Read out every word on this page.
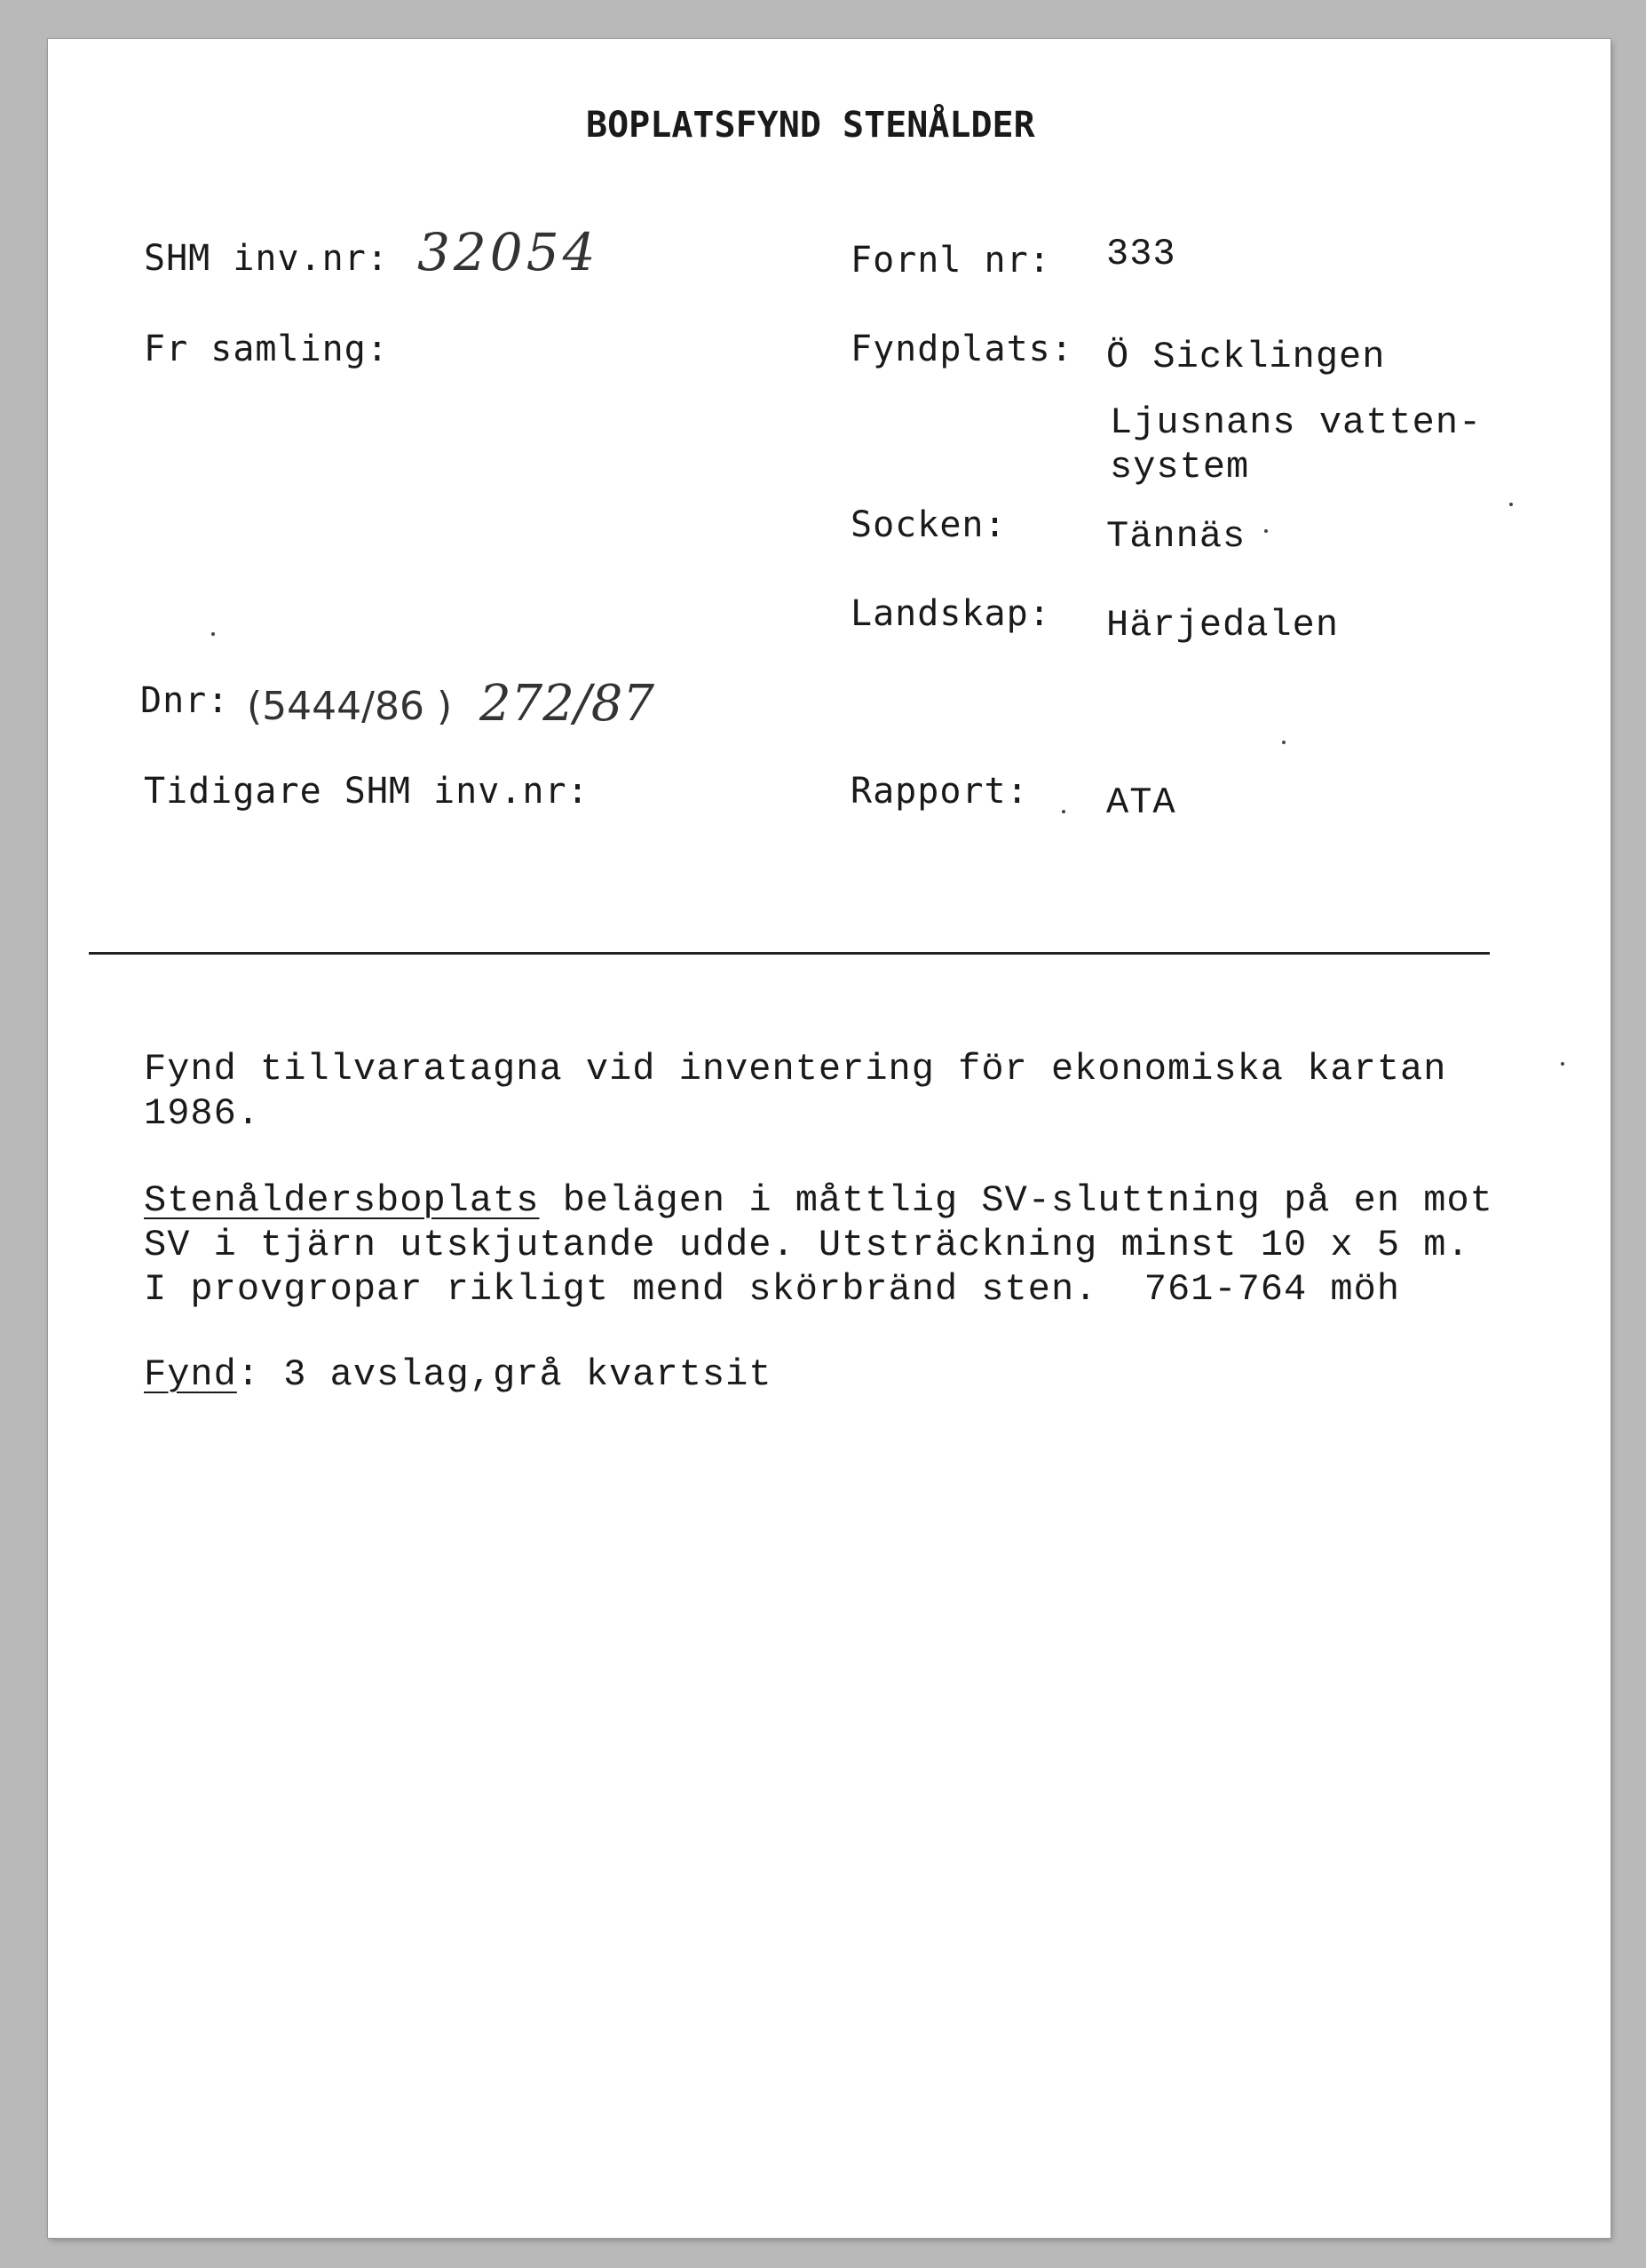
BOPLATSFYND STENÅLDER
SHM inv.nr: 32054
Fr samling:
Dnr: (5444/86 ) 272/87
Tidigare SHM inv.nr:
Fornl nr: 333
Fyndplats: Ö Sicklingen
Ljusnans vatten-
system
Socken:	Tännäs
Landskap: Härjedalen
Rapport: ATA
Fynd tillvaratagna vid inventering för ekonomiska kartan
1986.
Stenåldersboplats belägen i måttlig SV-sluttning på en mot
SV i tjärn utskjutande udde. Utsträckning minst 10 x 5 m.
I provgropar rikligt mend skörbränd sten.  761-764 möh
Fynd: 3 avslag,grå kvartsit
